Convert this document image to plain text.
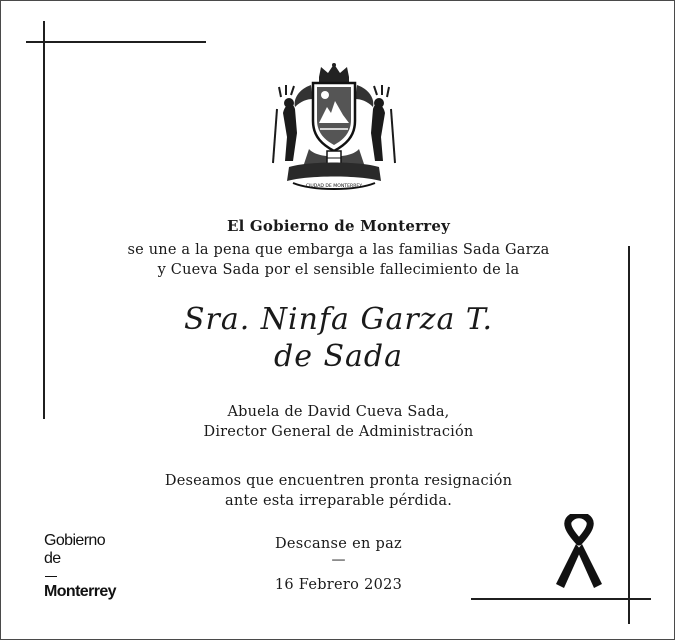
CIUDAD DE MONTERREY
El Gobierno de Monterrey
se une a la pena que embarga a las familias Sada Garza
y Cueva Sada por el sensible fallecimiento de la
Sra. Ninfa Garza T.
de Sada
Abuela de David Cueva Sada,
Director General de Administración
Deseamos que encuentren pronta resignación
ante esta irreparable pérdida.
Descanse en paz
—
16 Febrero 2023
Gobierno
de
Monterrey
